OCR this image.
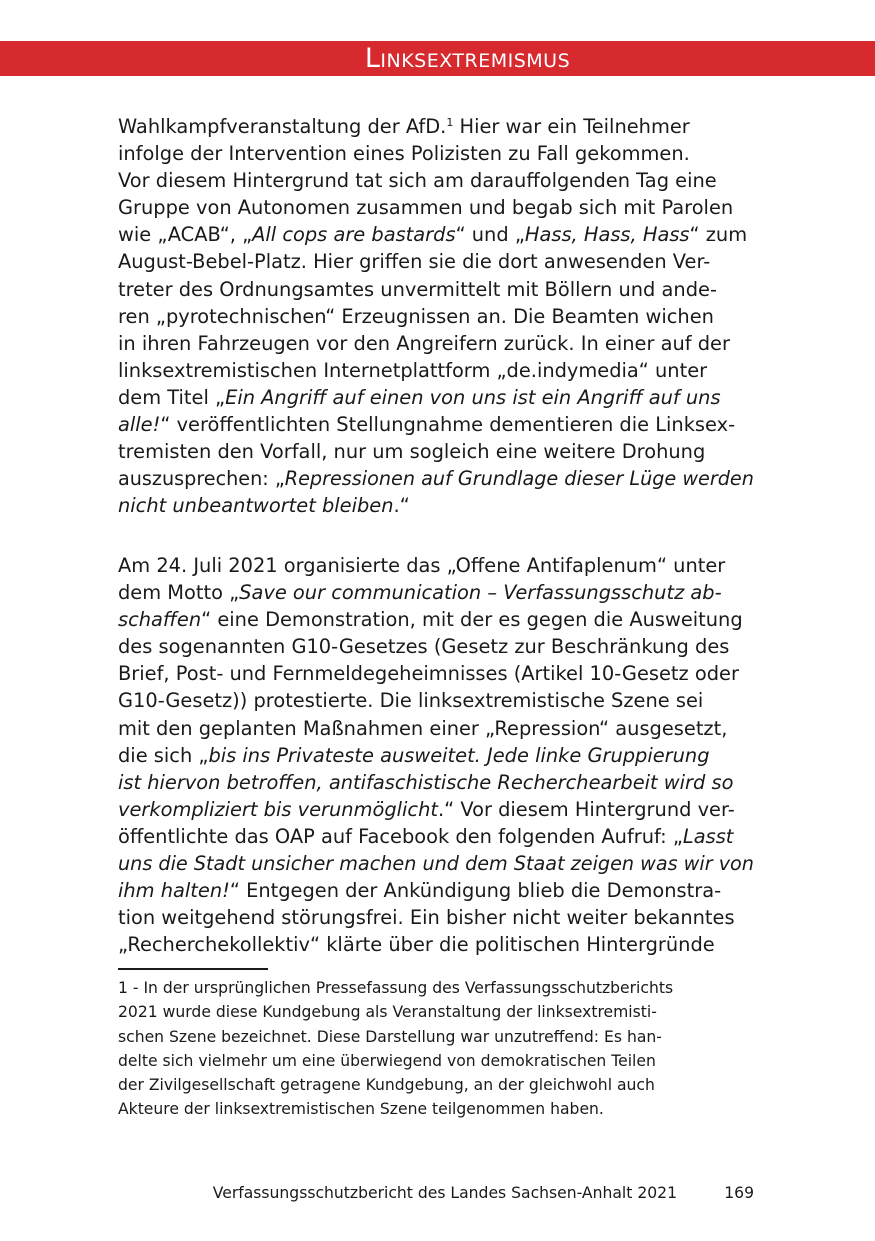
Linksextremismus
Wahlkampfveranstaltung der AfD.$^1$ Hier war ein Teilnehmer
infolge der Intervention eines Polizisten zu Fall gekommen.
Vor diesem Hintergrund tat sich am darauffolgenden Tag eine
Gruppe von Autonomen zusammen und begab sich mit Parolen
wie „ACAB“, „All cops are bastards“ und „Hass, Hass, Hass“ zum
August-Bebel-Platz. Hier griffen sie die dort anwesenden Ver-
treter des Ordnungsamtes unvermittelt mit Böllern und ande-
ren „pyrotechnischen“ Erzeugnissen an. Die Beamten wichen
in ihren Fahrzeugen vor den Angreifern zurück. In einer auf der
linksextremistischen Internetplattform „de.indymedia“ unter
dem Titel „Ein Angriff auf einen von uns ist ein Angriff auf uns
alle!“ veröffentlichten Stellungnahme dementieren die Linksex-
tremisten den Vorfall, nur um sogleich eine weitere Drohung
auszusprechen: „Repressionen auf Grundlage dieser Lüge werden
nicht unbeantwortet bleiben.“
Am 24. Juli 2021 organisierte das „Offene Antifaplenum“ unter
dem Motto „Save our communication – Verfassungsschutz ab-
schaffen“ eine Demonstration, mit der es gegen die Ausweitung
des sogenannten G10-Gesetzes (Gesetz zur Beschränkung des
Brief, Post- und Fernmeldegeheimnisses (Artikel 10-Gesetz oder
G10-Gesetz)) protestierte. Die linksextremistische Szene sei
mit den geplanten Maßnahmen einer „Repression“ ausgesetzt,
die sich „bis ins Privateste ausweitet. Jede linke Gruppierung
ist hiervon betroffen, antifaschistische Recherchearbeit wird so
verkompliziert bis verunmöglicht.“ Vor diesem Hintergrund ver-
öffentlichte das OAP auf Facebook den folgenden Aufruf: „Lasst
uns die Stadt unsicher machen und dem Staat zeigen was wir von
ihm halten!“ Entgegen der Ankündigung blieb die Demonstra-
tion weitgehend störungsfrei. Ein bisher nicht weiter bekanntes
„Recherchekollektiv“ klärte über die politischen Hintergründe
1 - In der ursprünglichen Pressefassung des Verfassungsschutzberichts
2021 wurde diese Kundgebung als Veranstaltung der linksextremisti-
schen Szene bezeichnet. Diese Darstellung war unzutreffend: Es han-
delte sich vielmehr um eine überwiegend von demokratischen Teilen
der Zivilgesellschaft getragene Kundgebung, an der gleichwohl auch
Akteure der linksextremistischen Szene teilgenommen haben.
Verfassungsschutzbericht des Landes Sachsen-Anhalt 2021	169
